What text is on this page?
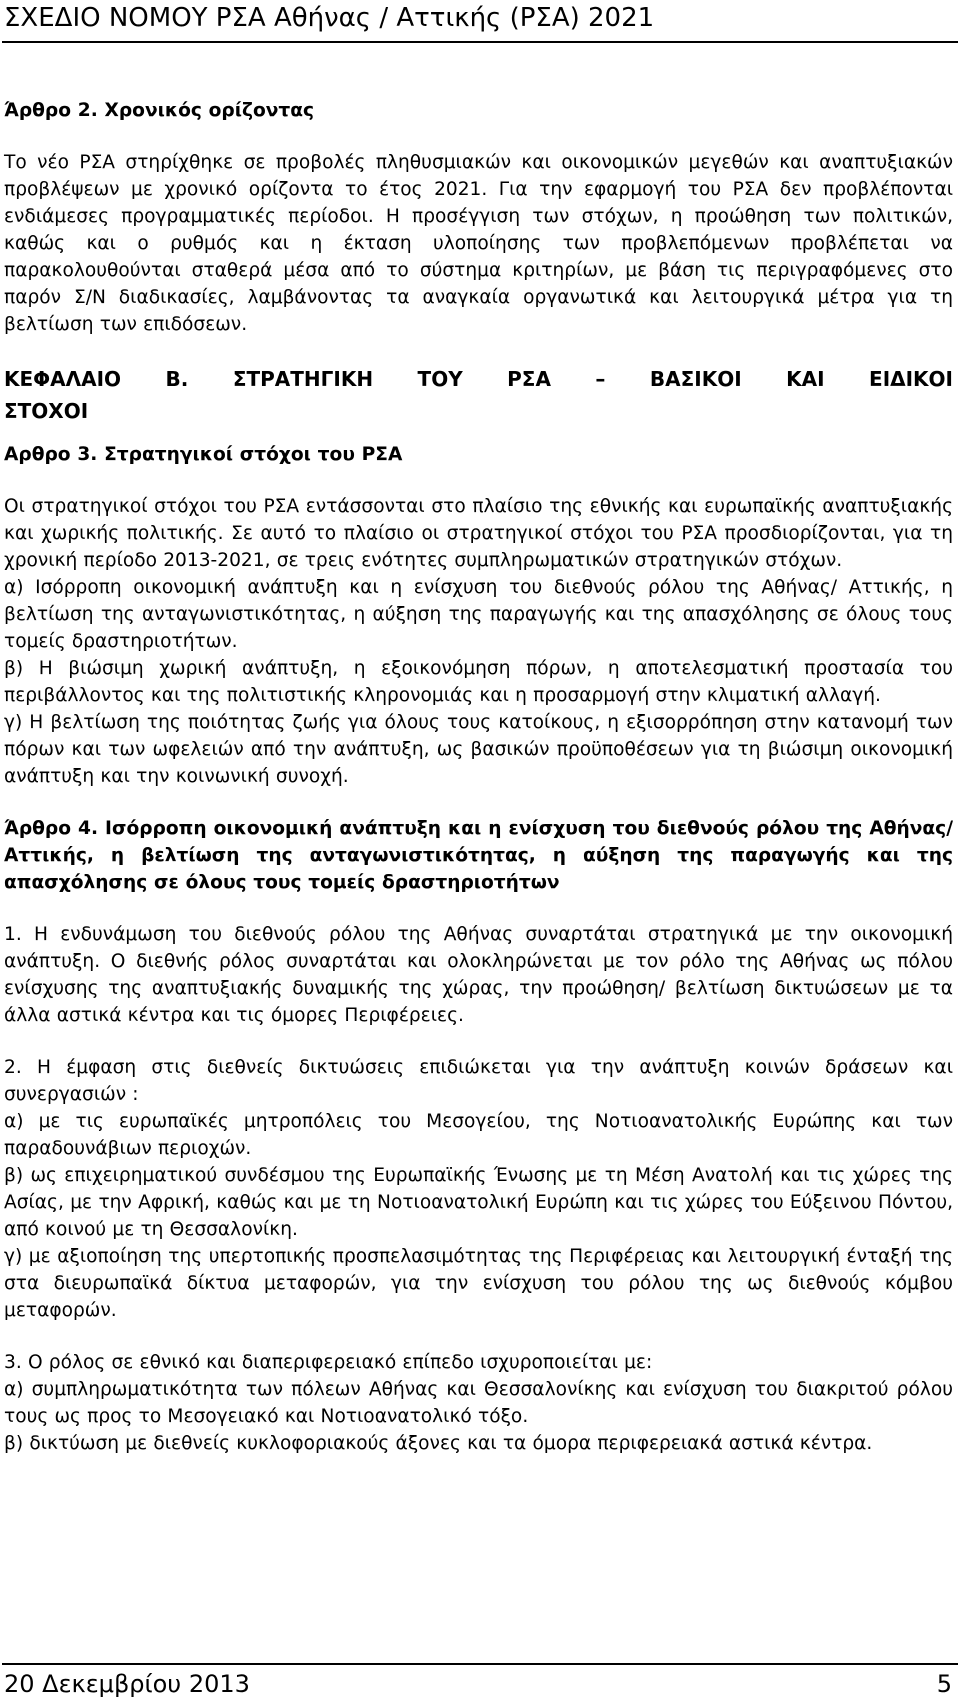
ΣΧΕΔΙΟ ΝΟΜΟΥ ΡΣΑ Αθήνας / Αττικής (ΡΣΑ) 2021

Άρθρο 2. Χρονικός ορίζοντας

Το νέο ΡΣΑ στηρίχθηκε σε προβολές πληθυσμιακών και οικονομικών μεγεθών και αναπτυξιακών προβλέψεων με χρονικό ορίζοντα το έτος 2021. Για την εφαρμογή του ΡΣΑ δεν προβλέπονται ενδιάμεσες προγραμματικές περίοδοι. Η προσέγγιση των στόχων, η προώθηση των πολιτικών, καθώς και ο ρυθμός και η έκταση υλοποίησης των προβλεπόμενων προβλέπεται να παρακολουθούνται σταθερά μέσα από το σύστημα κριτηρίων, με βάση τις περιγραφόμενες στο παρόν Σ/Ν διαδικασίες, λαμβάνοντας τα αναγκαία οργανωτικά και λειτουργικά μέτρα για τη βελτίωση των επιδόσεων.

ΚΕΦΑΛΑΙΟ Β. ΣΤΡΑΤΗΓΙΚΗ ΤΟΥ ΡΣΑ – ΒΑΣΙΚΟΙ ΚΑΙ ΕΙΔΙΚΟΙ

ΣΤΟΧΟΙ

Αρθρο 3. Στρατηγικοί στόχοι του ΡΣΑ

Οι στρατηγικοί στόχοι του ΡΣΑ εντάσσονται στο πλαίσιο της εθνικής και ευρωπαϊκής αναπτυξιακής και χωρικής πολιτικής. Σε αυτό το πλαίσιο οι στρατηγικοί στόχοι του ΡΣΑ προσδιορίζονται, για τη χρονική περίοδο 2013-2021, σε τρεις ενότητες συμπληρωματικών στρατηγικών στόχων.

α) Ισόρροπη οικονομική ανάπτυξη και η ενίσχυση του διεθνούς ρόλου της Αθήνας/ Αττικής, η βελτίωση της ανταγωνιστικότητας, η αύξηση της παραγωγής και της απασχόλησης σε όλους τους τομείς δραστηριοτήτων.

β) Η βιώσιμη χωρική ανάπτυξη, η εξοικονόμηση πόρων, η αποτελεσματική προστασία του περιβάλλοντος και της πολιτιστικής κληρονομιάς και η προσαρμογή στην κλιματική αλλαγή.

γ) Η βελτίωση της ποιότητας ζωής για όλους τους κατοίκους, η εξισορρόπηση στην κατανομή των πόρων και των ωφελειών από την ανάπτυξη, ως βασικών προϋποθέσεων για τη βιώσιμη οικονομική ανάπτυξη και την κοινωνική συνοχή.

Άρθρο 4. Ισόρροπη οικονομική ανάπτυξη και η ενίσχυση του διεθνούς ρόλου της Αθήνας/ Αττικής, η βελτίωση της ανταγωνιστικότητας, η αύξηση της παραγωγής και της απασχόλησης σε όλους τους τομείς δραστηριοτήτων

1. Η ενδυνάμωση του διεθνούς ρόλου της Αθήνας συναρτάται στρατηγικά με την οικονομική ανάπτυξη. Ο διεθνής ρόλος συναρτάται και ολοκληρώνεται με τον ρόλο της Αθήνας ως πόλου ενίσχυσης της αναπτυξιακής δυναμικής της χώρας, την προώθηση/ βελτίωση δικτυώσεων με τα άλλα αστικά κέντρα και τις όμορες Περιφέρειες.

2. Η έμφαση στις διεθνείς δικτυώσεις επιδιώκεται για την ανάπτυξη κοινών δράσεων και συνεργασιών :

α) με τις ευρωπαϊκές μητροπόλεις του Μεσογείου, της Νοτιοανατολικής Ευρώπης και των παραδουνάβιων περιοχών.

β) ως επιχειρηματικού συνδέσμου της Ευρωπαϊκής Ένωσης με τη Μέση Ανατολή και τις χώρες της Ασίας, με την Αφρική, καθώς και με τη Νοτιοανατολική Ευρώπη και τις χώρες του Εύξεινου Πόντου, από κοινού με τη Θεσσαλονίκη.

γ) με αξιοποίηση της υπερτοπικής προσπελασιμότητας της Περιφέρειας και λειτουργική ένταξή της στα διευρωπαϊκά δίκτυα μεταφορών, για την ενίσχυση του ρόλου της ως διεθνούς κόμβου μεταφορών.

3. Ο ρόλος σε εθνικό και διαπεριφερειακό επίπεδο ισχυροποιείται με:

α) συμπληρωματικότητα των πόλεων Αθήνας και Θεσσαλονίκης και ενίσχυση του διακριτού ρόλου τους ως προς το Μεσογειακό και Νοτιοανατολικό τόξο.

β) δικτύωση με διεθνείς κυκλοφοριακούς άξονες και τα όμορα περιφερειακά αστικά κέντρα.

20 Δεκεμβρίου 2013	5
